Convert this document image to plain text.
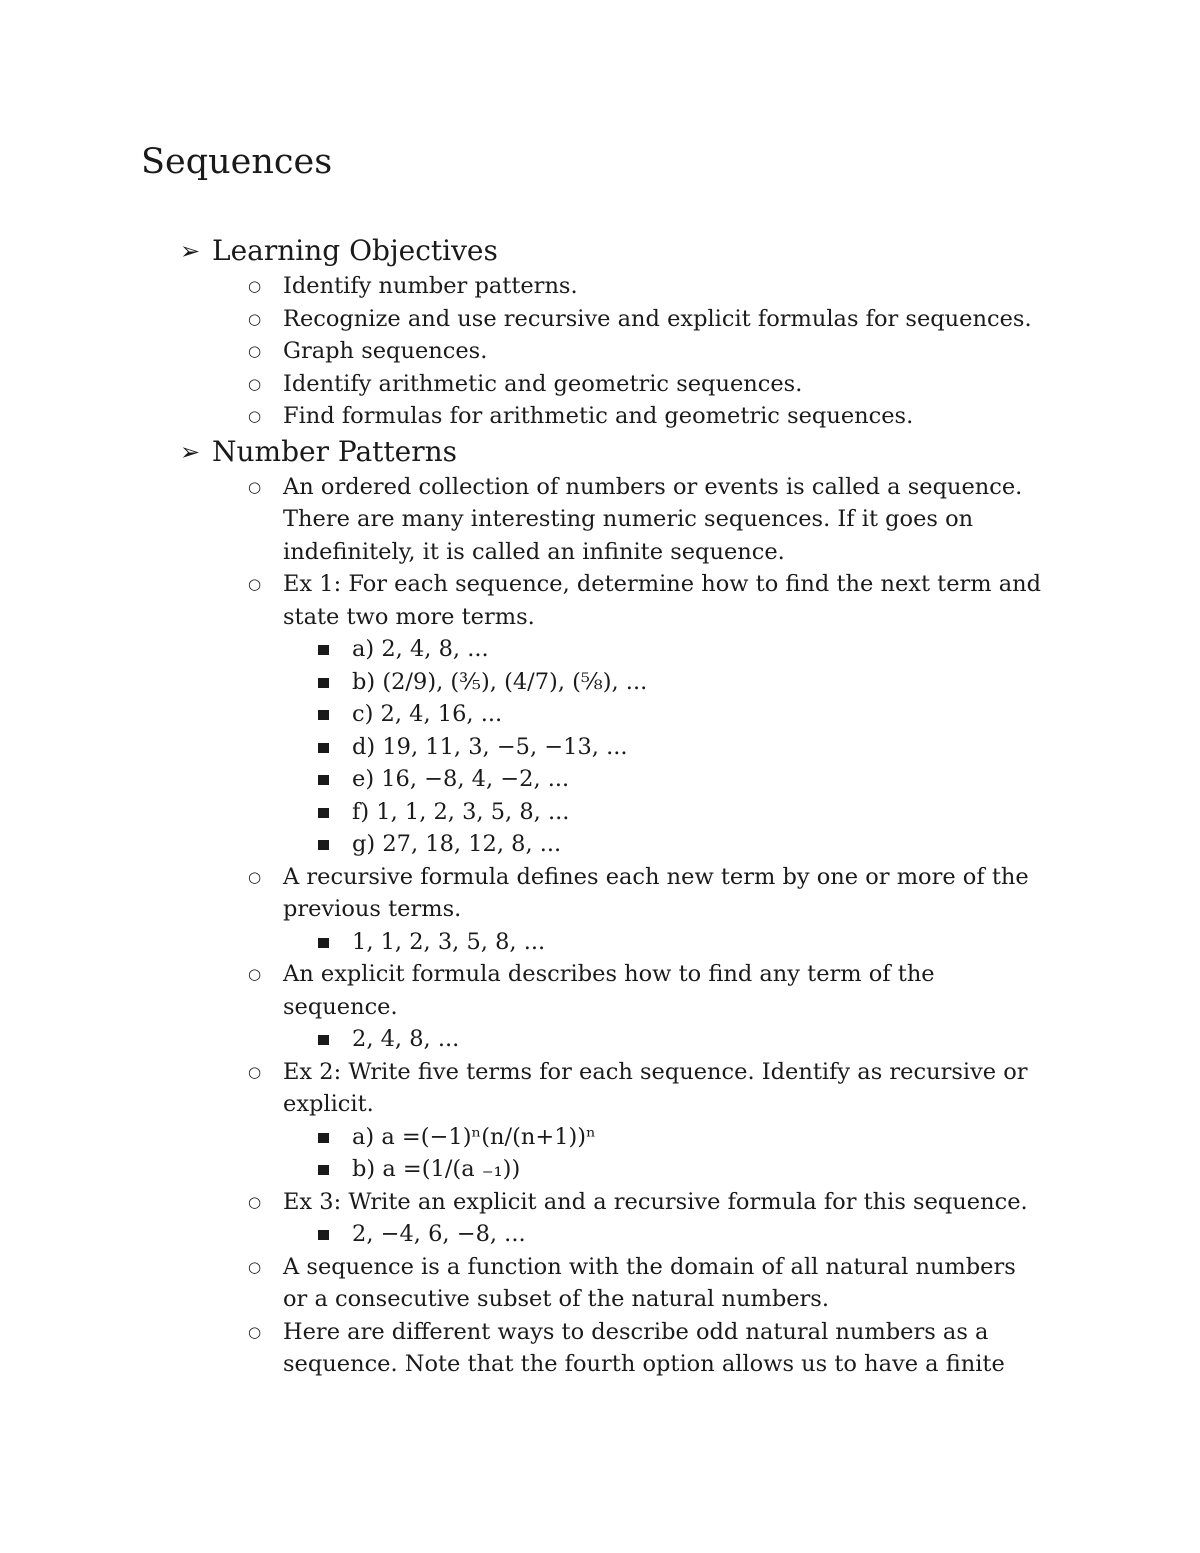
Sequences
➢ Learning Objectives
○ Identify number patterns.
○ Recognize and use recursive and explicit formulas for sequences.
○ Graph sequences.
○ Identify arithmetic and geometric sequences.
○ Find formulas for arithmetic and geometric sequences.
➢ Number Patterns
○ An ordered collection of numbers or events is called a sequence.
There are many interesting numeric sequences. If it goes on
indefinitely, it is called an infinite sequence.
○ Ex 1: For each sequence, determine how to find the next term and
state two more terms.
a) 2, 4, 8, ...
b) (2/9), (⅗), (4/7), (⅝), ...
c) 2, 4, 16, ...
d) 19, 11, 3, −5, −13, ...
e) 16, −8, 4, −2, ...
f) 1, 1, 2, 3, 5, 8, ...
g) 27, 18, 12, 8, ...
○ A recursive formula defines each new term by one or more of the
previous terms.
1, 1, 2, 3, 5, 8, ...
○ An explicit formula describes how to find any term of the
sequence.
2, 4, 8, ...
○ Ex 2: Write five terms for each sequence. Identify as recursive or
explicit.
a) a =(−1)ⁿ(n/(n+1))ⁿ
b) a =(1/(a ₋₁))
○ Ex 3: Write an explicit and a recursive formula for this sequence.
2, −4, 6, −8, ...
○ A sequence is a function with the domain of all natural numbers
or a consecutive subset of the natural numbers.
○ Here are different ways to describe odd natural numbers as a
sequence. Note that the fourth option allows us to have a finite
